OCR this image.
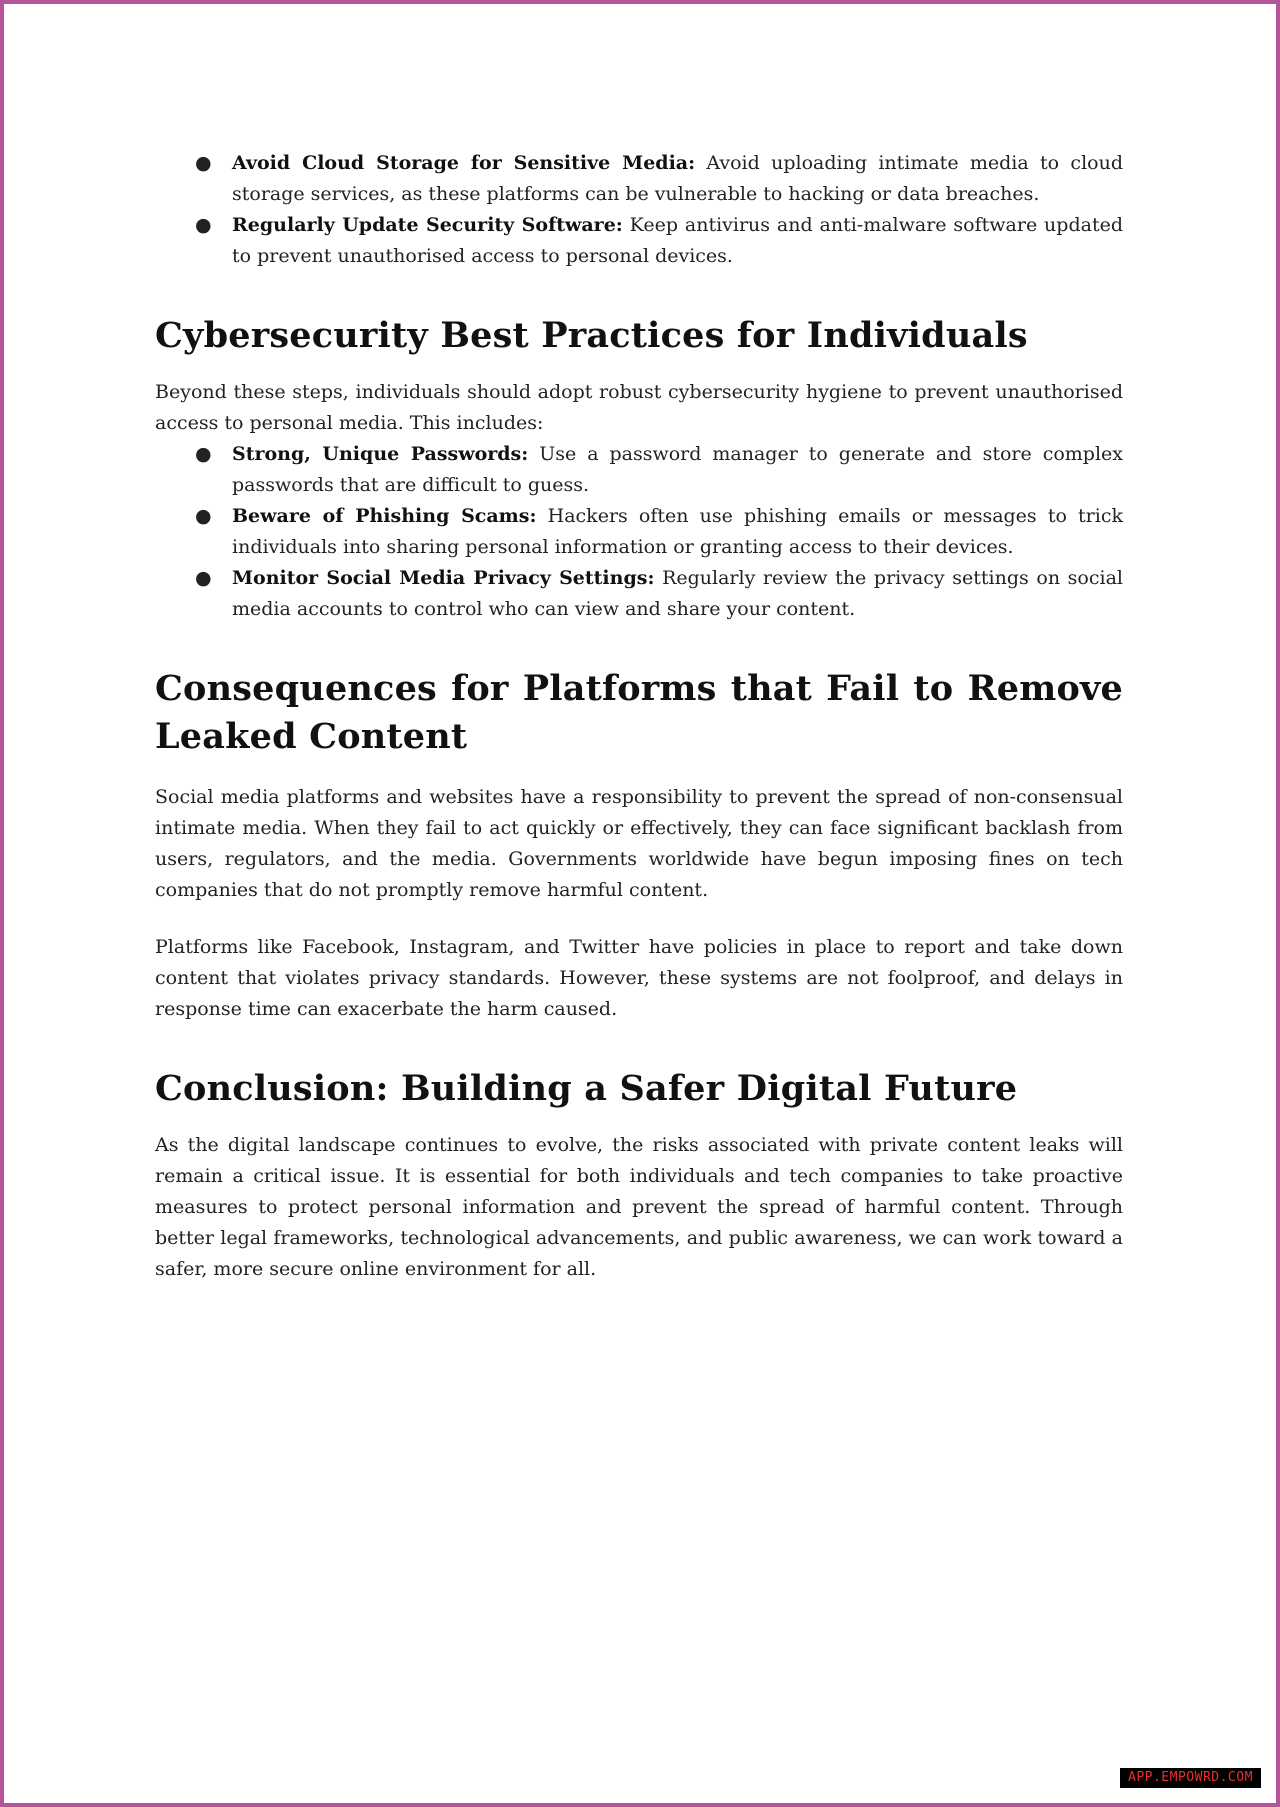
● Avoid Cloud Storage for Sensitive Media: Avoid uploading intimate media to cloud storage services, as these platforms can be vulnerable to hacking or data breaches.
● Regularly Update Security Software: Keep antivirus and anti-malware software updated to prevent unauthorised access to personal devices.
Cybersecurity Best Practices for Individuals

Beyond these steps, individuals should adopt robust cybersecurity hygiene to prevent unauthorised access to personal media. This includes:

● Strong, Unique Passwords: Use a password manager to generate and store complex passwords that are difficult to guess.
● Beware of Phishing Scams: Hackers often use phishing emails or messages to trick individuals into sharing personal information or granting access to their devices.
● Monitor Social Media Privacy Settings: Regularly review the privacy settings on social media accounts to control who can view and share your content.
Consequences for Platforms that Fail to Remove Leaked Content

Social media platforms and websites have a responsibility to prevent the spread of non-consensual intimate media. When they fail to act quickly or effectively, they can face significant backlash from users, regulators, and the media. Governments worldwide have begun imposing fines on tech companies that do not promptly remove harmful content.

Platforms like Facebook, Instagram, and Twitter have policies in place to report and take down content that violates privacy standards. However, these systems are not foolproof, and delays in response time can exacerbate the harm caused.

Conclusion: Building a Safer Digital Future

As the digital landscape continues to evolve, the risks associated with private content leaks will remain a critical issue. It is essential for both individuals and tech companies to take proactive measures to protect personal information and prevent the spread of harmful content. Through better legal frameworks, technological advancements, and public awareness, we can work toward a safer, more secure online environment for all.

APP.EMPOWRD.COM
